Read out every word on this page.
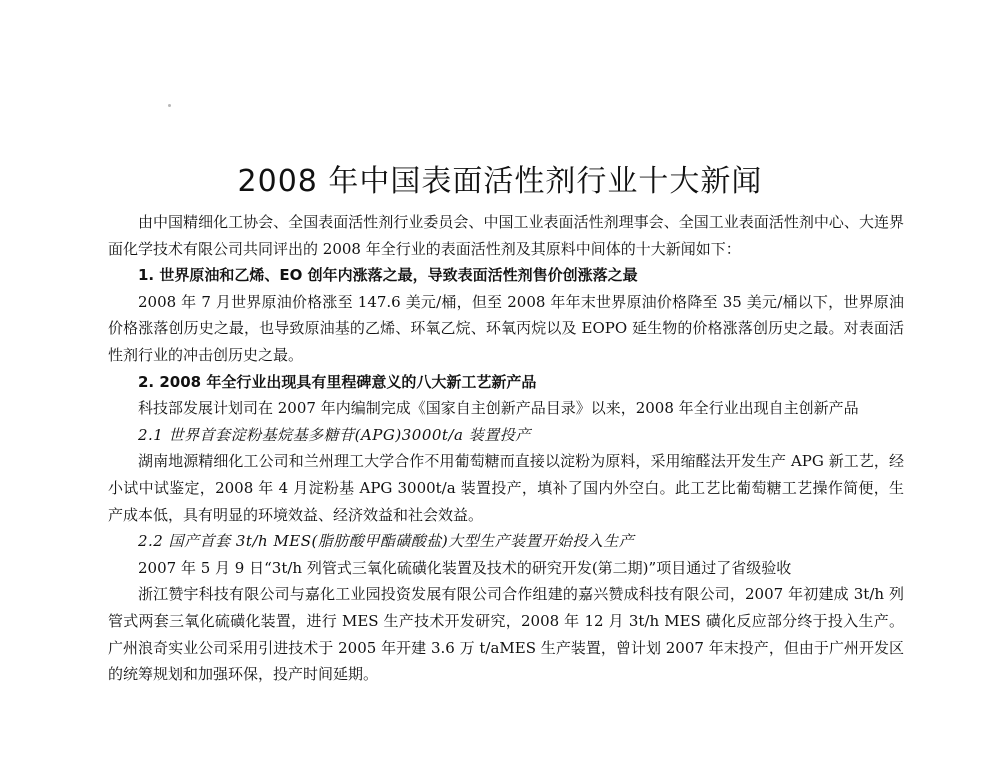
2008 年中国表面活性剂行业十大新闻

由中国精细化工协会、全国表面活性剂行业委员会、中国工业表面活性剂理事会、全国工业表面活性剂中心、大连界面化学技术有限公司共同评出的 2008 年全行业的表面活性剂及其原料中间体的十大新闻如下：

1. 世界原油和乙烯、EO 创年内涨落之最，导致表面活性剂售价创涨落之最

2008 年 7 月世界原油价格涨至 147.6 美元/桶，但至 2008 年年末世界原油价格降至 35 美元/桶以下，世界原油价格涨落创历史之最，也导致原油基的乙烯、环氧乙烷、环氧丙烷以及 EOPO 延生物的价格涨落创历史之最。对表面活性剂行业的冲击创历史之最。

2. 2008 年全行业出现具有里程碑意义的八大新工艺新产品

科技部发展计划司在 2007 年内编制完成《国家自主创新产品目录》以来，2008 年全行业出现自主创新产品

2.1 世界首套淀粉基烷基多糖苷(APG)3000t/a 装置投产

湖南地源精细化工公司和兰州理工大学合作不用葡萄糖而直接以淀粉为原料，采用缩醛法开发生产 APG 新工艺，经小试中试鉴定，2008 年 4 月淀粉基 APG 3000t/a 装置投产，填补了国内外空白。此工艺比葡萄糖工艺操作简便，生产成本低，具有明显的环境效益、经济效益和社会效益。

2.2 国产首套 3t/h MES(脂肪酸甲酯磺酸盐)大型生产装置开始投入生产

2007 年 5 月 9 日“3t/h 列管式三氧化硫磺化装置及技术的研究开发(第二期)”项目通过了省级验收

浙江赞宇科技有限公司与嘉化工业园投资发展有限公司合作组建的嘉兴赞成科技有限公司，2007 年初建成 3t/h 列管式两套三氧化硫磺化装置，进行 MES 生产技术开发研究，2008 年 12 月 3t/h MES 磺化反应部分终于投入生产。广州浪奇实业公司采用引进技术于 2005 年开建 3.6 万 t/aMES 生产装置，曾计划 2007 年末投产，但由于广州开发区的统筹规划和加强环保，投产时间延期。
